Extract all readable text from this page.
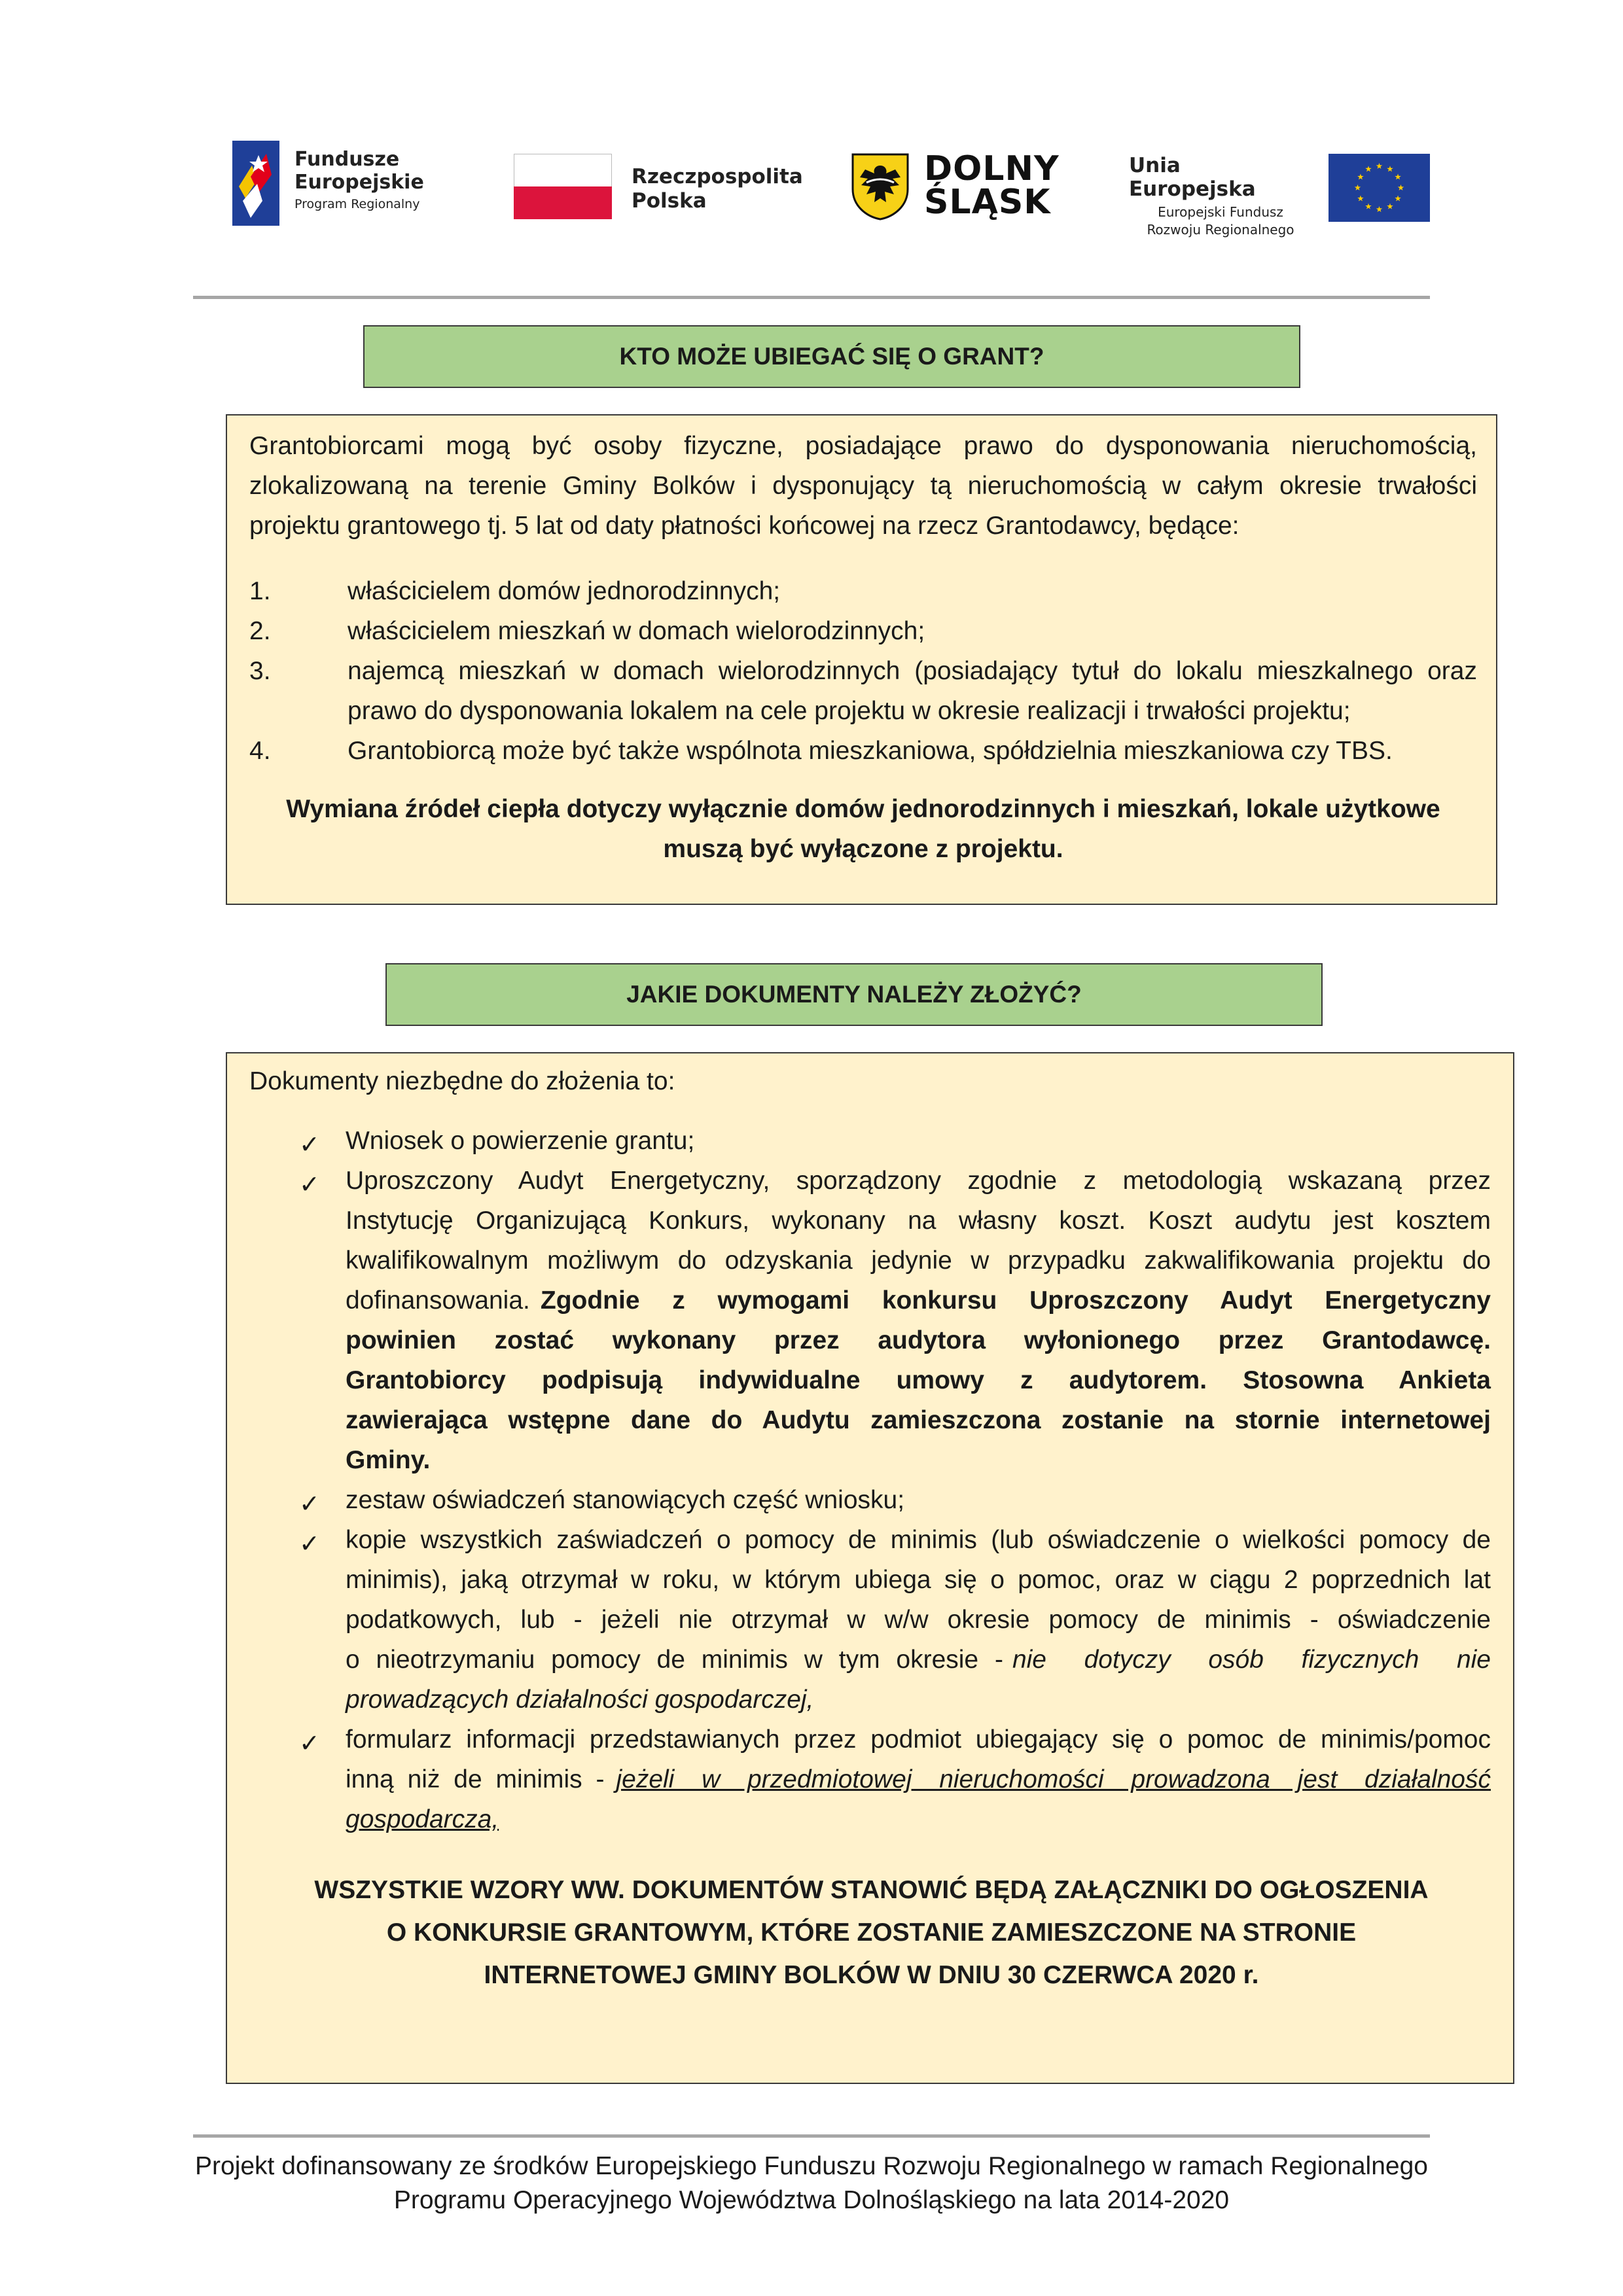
Fundusze
Europejskie
Program Regionalny
Rzeczpospolita
Polska
DOLNY
ŚLĄSK
Unia Europejska
Europejski Fundusz
Rozwoju Regionalnego
KTO MOŻE UBIEGAĆ SIĘ O GRANT?
Grantobiorcami mogą być osoby fizyczne, posiadające prawo do dysponowania nieruchomością,
zlokalizowaną na terenie Gminy Bolków i dysponujący tą nieruchomością w całym okresie trwałości
projektu grantowego tj. 5 lat od daty płatności końcowej na rzecz Grantodawcy, będące:
1.	właścicielem domów jednorodzinnych;
2.	właścicielem mieszkań w domach wielorodzinnych;
3.	najemcą mieszkań w domach wielorodzinnych (posiadający tytuł do lokalu mieszkalnego oraz
prawo do dysponowania lokalem na cele projektu w okresie realizacji i trwałości projektu;
4.	Grantobiorcą może być także wspólnota mieszkaniowa, spółdzielnia mieszkaniowa czy TBS.
Wymiana źródeł ciepła dotyczy wyłącznie domów jednorodzinnych i mieszkań, lokale użytkowe
muszą być wyłączone z projektu.
JAKIE DOKUMENTY NALEŻY ZŁOŻYĆ?
Dokumenty niezbędne do złożenia to:
✓ Wniosek o powierzenie grantu;
✓ Uproszczony Audyt Energetyczny, sporządzony zgodnie z metodologią wskazaną przez
Instytucję Organizującą Konkurs, wykonany na własny koszt. Koszt audytu jest kosztem
kwalifikowalnym możliwym do odzyskania jedynie w przypadku zakwalifikowania projektu do
dofinansowania. Zgodnie z wymogami konkursu Uproszczony Audyt Energetyczny
powinien zostać wykonany przez audytora wyłonionego przez Grantodawcę.
Grantobiorcy podpisują indywidualne umowy z audytorem. Stosowna Ankieta
zawierająca wstępne dane do Audytu zamieszczona zostanie na stornie internetowej
Gminy.
✓ zestaw oświadczeń stanowiących część wniosku;
✓ kopie wszystkich zaświadczeń o pomocy de minimis (lub oświadczenie o wielkości pomocy de
minimis), jaką otrzymał w roku, w którym ubiega się o pomoc, oraz w ciągu 2 poprzednich lat
podatkowych, lub - jeżeli nie otrzymał w w/w okresie pomocy de minimis - oświadczenie
o nieotrzymaniu pomocy de minimis w tym okresie - nie dotyczy osób fizycznych nie
prowadzących działalności gospodarczej,
✓ formularz informacji przedstawianych przez podmiot ubiegający się o pomoc de minimis/pomoc
inną niż de minimis - jeżeli w przedmiotowej nieruchomości prowadzona jest działalność
gospodarcza,
WSZYSTKIE WZORY WW. DOKUMENTÓW STANOWIĆ BĘDĄ ZAŁĄCZNIKI DO OGŁOSZENIA
O KONKURSIE GRANTOWYM, KTÓRE ZOSTANIE ZAMIESZCZONE NA STRONIE
INTERNETOWEJ GMINY BOLKÓW W DNIU 30 CZERWCA 2020 r.
Projekt dofinansowany ze środków Europejskiego Funduszu Rozwoju Regionalnego w ramach Regionalnego
Programu Operacyjnego Województwa Dolnośląskiego na lata 2014-2020
